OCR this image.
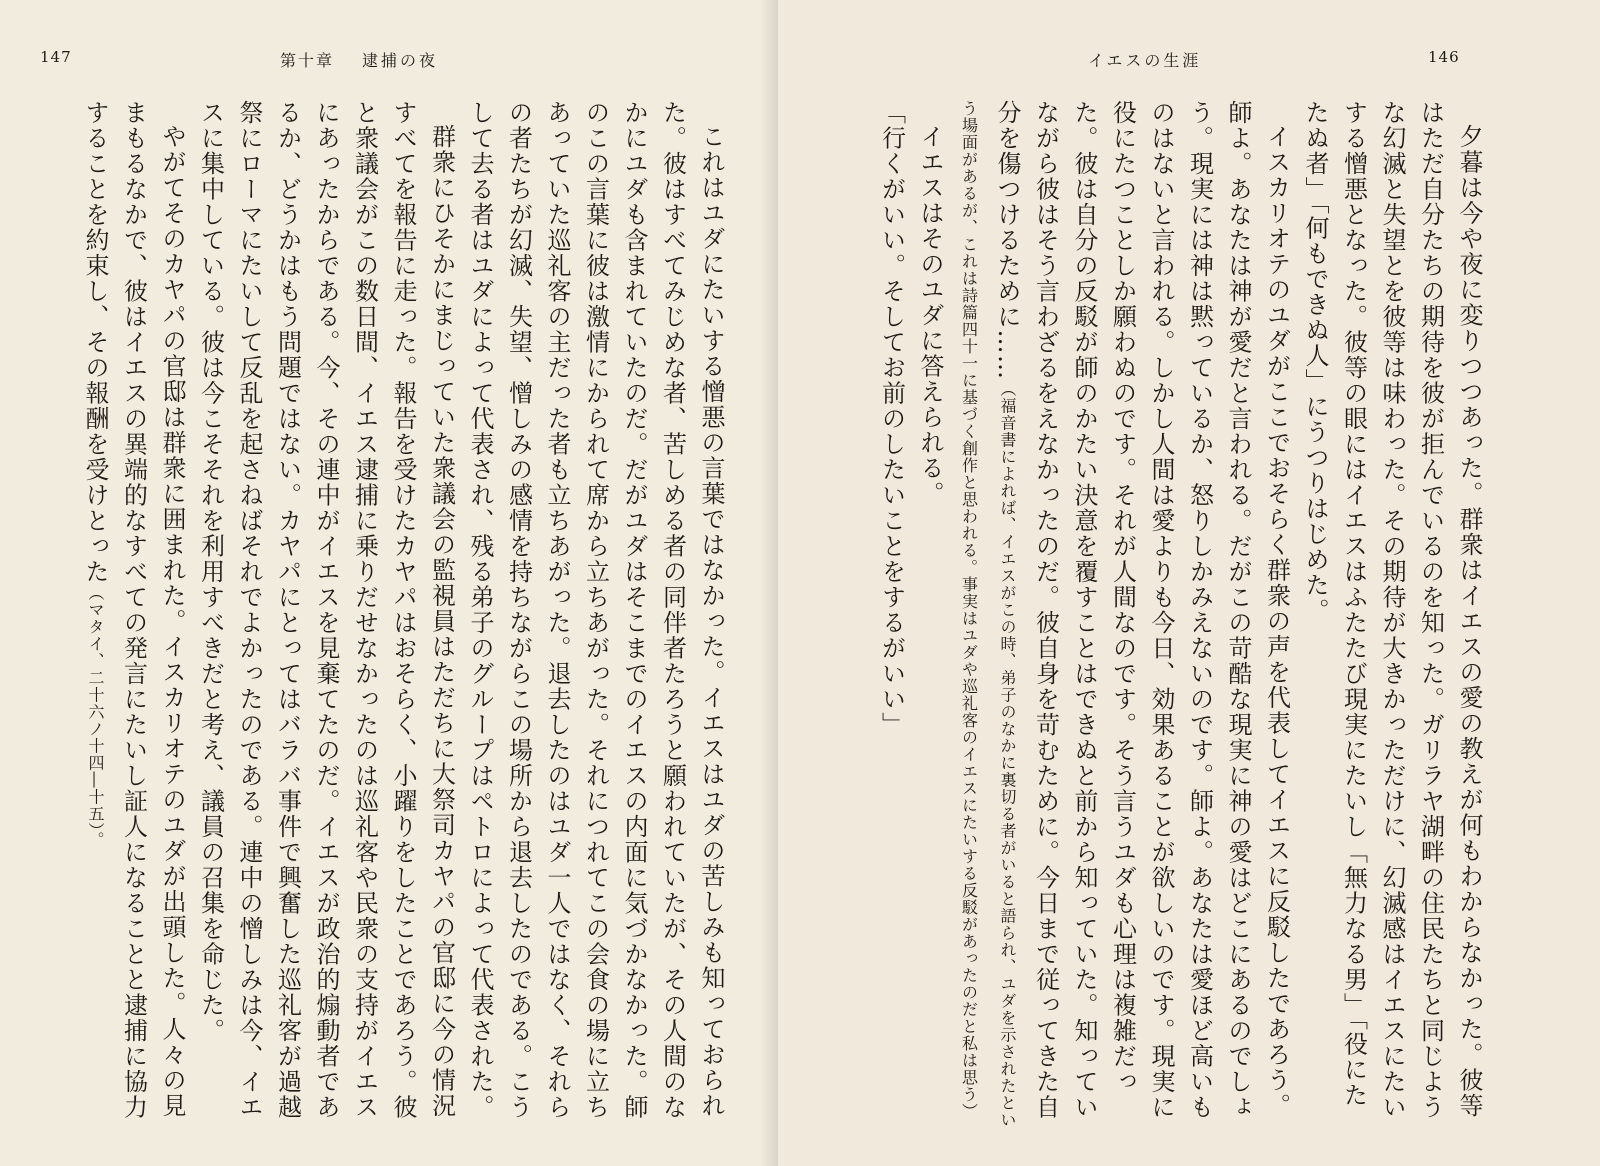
147	第十章 逮捕の夜

これはユダにたいする憎悪の言葉ではなかった。イエスはユダの苦しみも知っておられた。彼はすべてみじめな者、苦しめる者の同伴者たろうと願われていたが、その人間のなかにユダも含まれていたのだ。だがユダはそこまでのイエスの内面に気づかなかった。師のこの言葉に彼は激情にかられて席から立ちあがった。それにつれてこの会食の場に立ちあっていた巡礼客の主だった者も立ちあがった。退去したのはユダ一人ではなく、それらの者たちが幻滅、失望、憎しみの感情を持ちながらこの場所から退去したのである。こうして去る者はユダによって代表され、残る弟子のグループはペトロによって代表された。

群衆にひそかにまじっていた衆議会の監視員はただちに大祭司カヤパの官邸に今の情況すべてを報告に走った。報告を受けたカヤパはおそらく、小躍りをしたことであろう。彼と衆議会がこの数日間、イエス逮捕に乗りだせなかったのは巡礼客や民衆の支持がイエスにあったからである。今、その連中がイエスを見棄てたのだ。イエスが政治的煽動者であるか、どうかはもう問題ではない。カヤパにとってはバラバ事件で興奮した巡礼客が過越祭にローマにたいして反乱を起さねばそれでよかったのである。連中の憎しみは今、イエスに集中している。彼は今こそそれを利用すべきだと考え、議員の召集を命じた。

やがてそのカヤパの官邸は群衆に囲まれた。イスカリオテのユダが出頭した。人々の見まもるなかで、彼はイエスの異端的なすべての発言にたいし証人になることと逮捕に協力することを約束し、その報酬を受けとった（マタイ、二十六ノ十四―十五）。

イエスの生涯	146

夕暮は今や夜に変りつつあった。群衆はイエスの愛の教えが何もわからなかった。彼等はただ自分たちの期待を彼が拒んでいるのを知った。ガリラヤ湖畔の住民たちと同じような幻滅と失望とを彼等は味わった。その期待が大きかっただけに、幻滅感はイエスにたいする憎悪となった。彼等の眼にはイエスはふたたび現実にたいし「無力なる男」「役にたたぬ者」「何もできぬ人」にうつりはじめた。

イスカリオテのユダがここでおそらく群衆の声を代表してイエスに反駁したであろう。師よ。あなたは神が愛だと言われる。だがこの苛酷な現実に神の愛はどこにあるのでしょう。現実には神は黙っているか、怒りしかみえないのです。師よ。あなたは愛ほど高いものはないと言われる。しかし人間は愛よりも今日、効果あることが欲しいのです。現実に役にたつことしか願わぬのです。それが人間なのです。そう言うユダも心理は複雑だった。彼は自分の反駁が師のかたい決意を覆すことはできぬと前から知っていた。知っていながら彼はそう言わざるをえなかったのだ。彼自身を苛むために。今日まで従ってきた自分を傷つけるために……（福音書によれば、イエスがこの時、弟子のなかに裏切る者がいると語られ、ユダを示されたという場面があるが、これは詩篇四十一に基づく創作と思われる。事実はユダや巡礼客のイエスにたいする反駁があったのだと私は思う）

イエスはそのユダに答えられる。

「行くがいい。そしてお前のしたいことをするがいい」
